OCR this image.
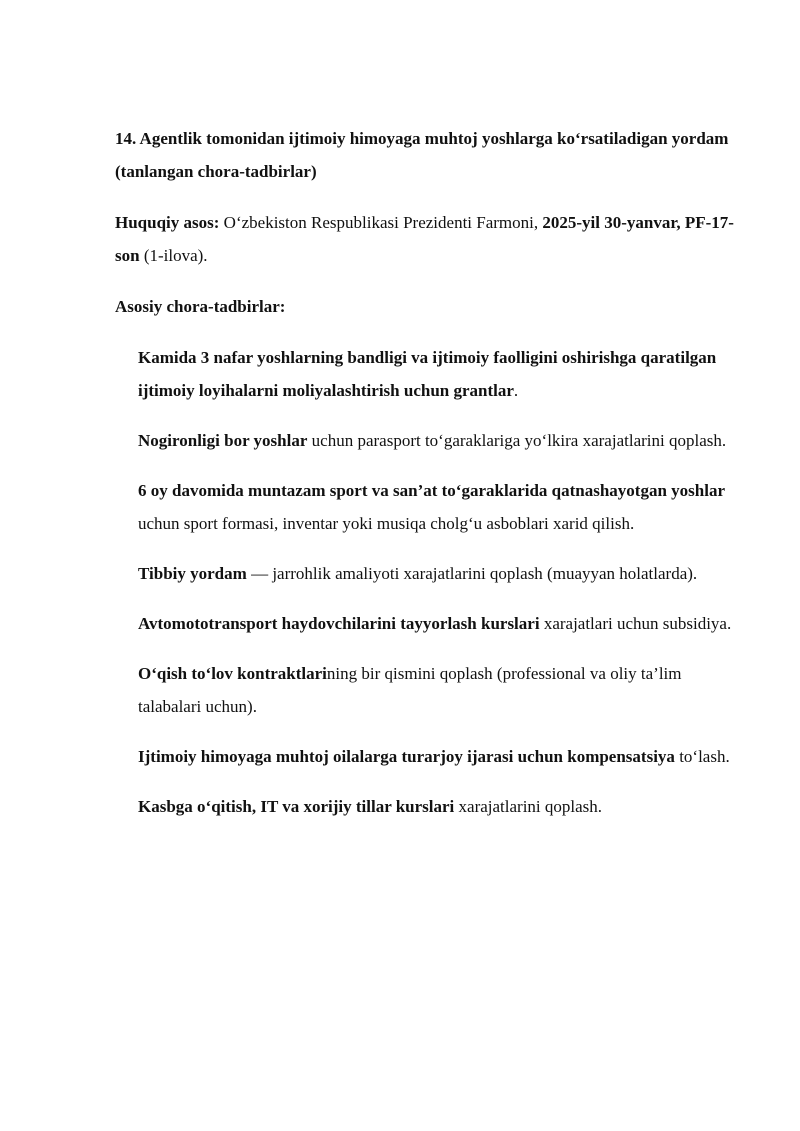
14. Agentlik tomonidan ijtimoiy himoyaga muhtoj yoshlarga ko‘rsatiladigan yordam (tanlangan chora-tadbirlar)

Huquqiy asos: O‘zbekiston Respublikasi Prezidenti Farmoni, 2025-yil 30-yanvar, PF-17-son (1-ilova).

Asosiy chora-tadbirlar:

Kamida 3 nafar yoshlarning bandligi va ijtimoiy faolligini oshirishga qaratilgan ijtimoiy loyihalarni moliyalashtirish uchun grantlar.
Nogironligi bor yoshlar uchun parasport to‘garaklariga yo‘lkira xarajatlarini qoplash.
6 oy davomida muntazam sport va san’at to‘garaklarida qatnashayotgan yoshlar uchun sport formasi, inventar yoki musiqa cholg‘u asboblari xarid qilish.
Tibbiy yordam — jarrohlik amaliyoti xarajatlarini qoplash (muayyan holatlarda).
Avtomototransport haydovchilarini tayyorlash kurslari xarajatlari uchun subsidiya.
O‘qish to‘lov kontraktlarining bir qismini qoplash (professional va oliy ta’lim talabalari uchun).
Ijtimoiy himoyaga muhtoj oilalarga turarjoy ijarasi uchun kompensatsiya to‘lash.
Kasbga o‘qitish, IT va xorijiy tillar kurslari xarajatlarini qoplash.
